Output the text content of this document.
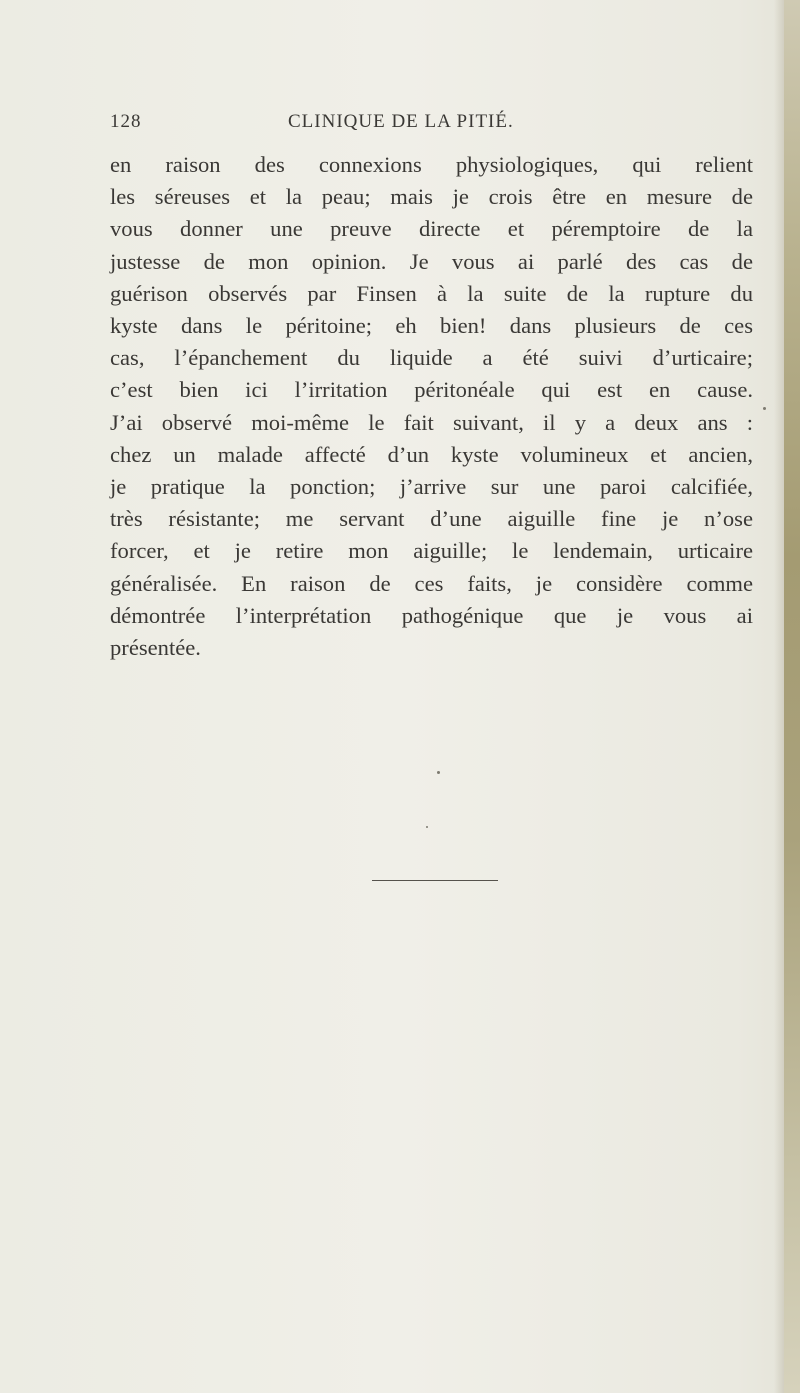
128	CLINIQUE DE LA PITIÉ.
en raison des connexions physiologiques, qui relient
les séreuses et la peau; mais je crois être en mesure de
vous donner une preuve directe et péremptoire de la
justesse de mon opinion. Je vous ai parlé des cas de
guérison observés par Finsen à la suite de la rupture du
kyste dans le péritoine; eh bien! dans plusieurs de ces
cas, l’épanchement du liquide a été suivi d’urticaire;
c’est bien ici l’irritation péritonéale qui est en cause.
J’ai observé moi-même le fait suivant, il y a deux ans :
chez un malade affecté d’un kyste volumineux et ancien,
je pratique la ponction; j’arrive sur une paroi calcifiée,
très résistante; me servant d’une aiguille fine je n’ose
forcer, et je retire mon aiguille; le lendemain, urticaire
généralisée. En raison de ces faits, je considère comme
démontrée l’interprétation pathogénique que je vous ai
présentée.
